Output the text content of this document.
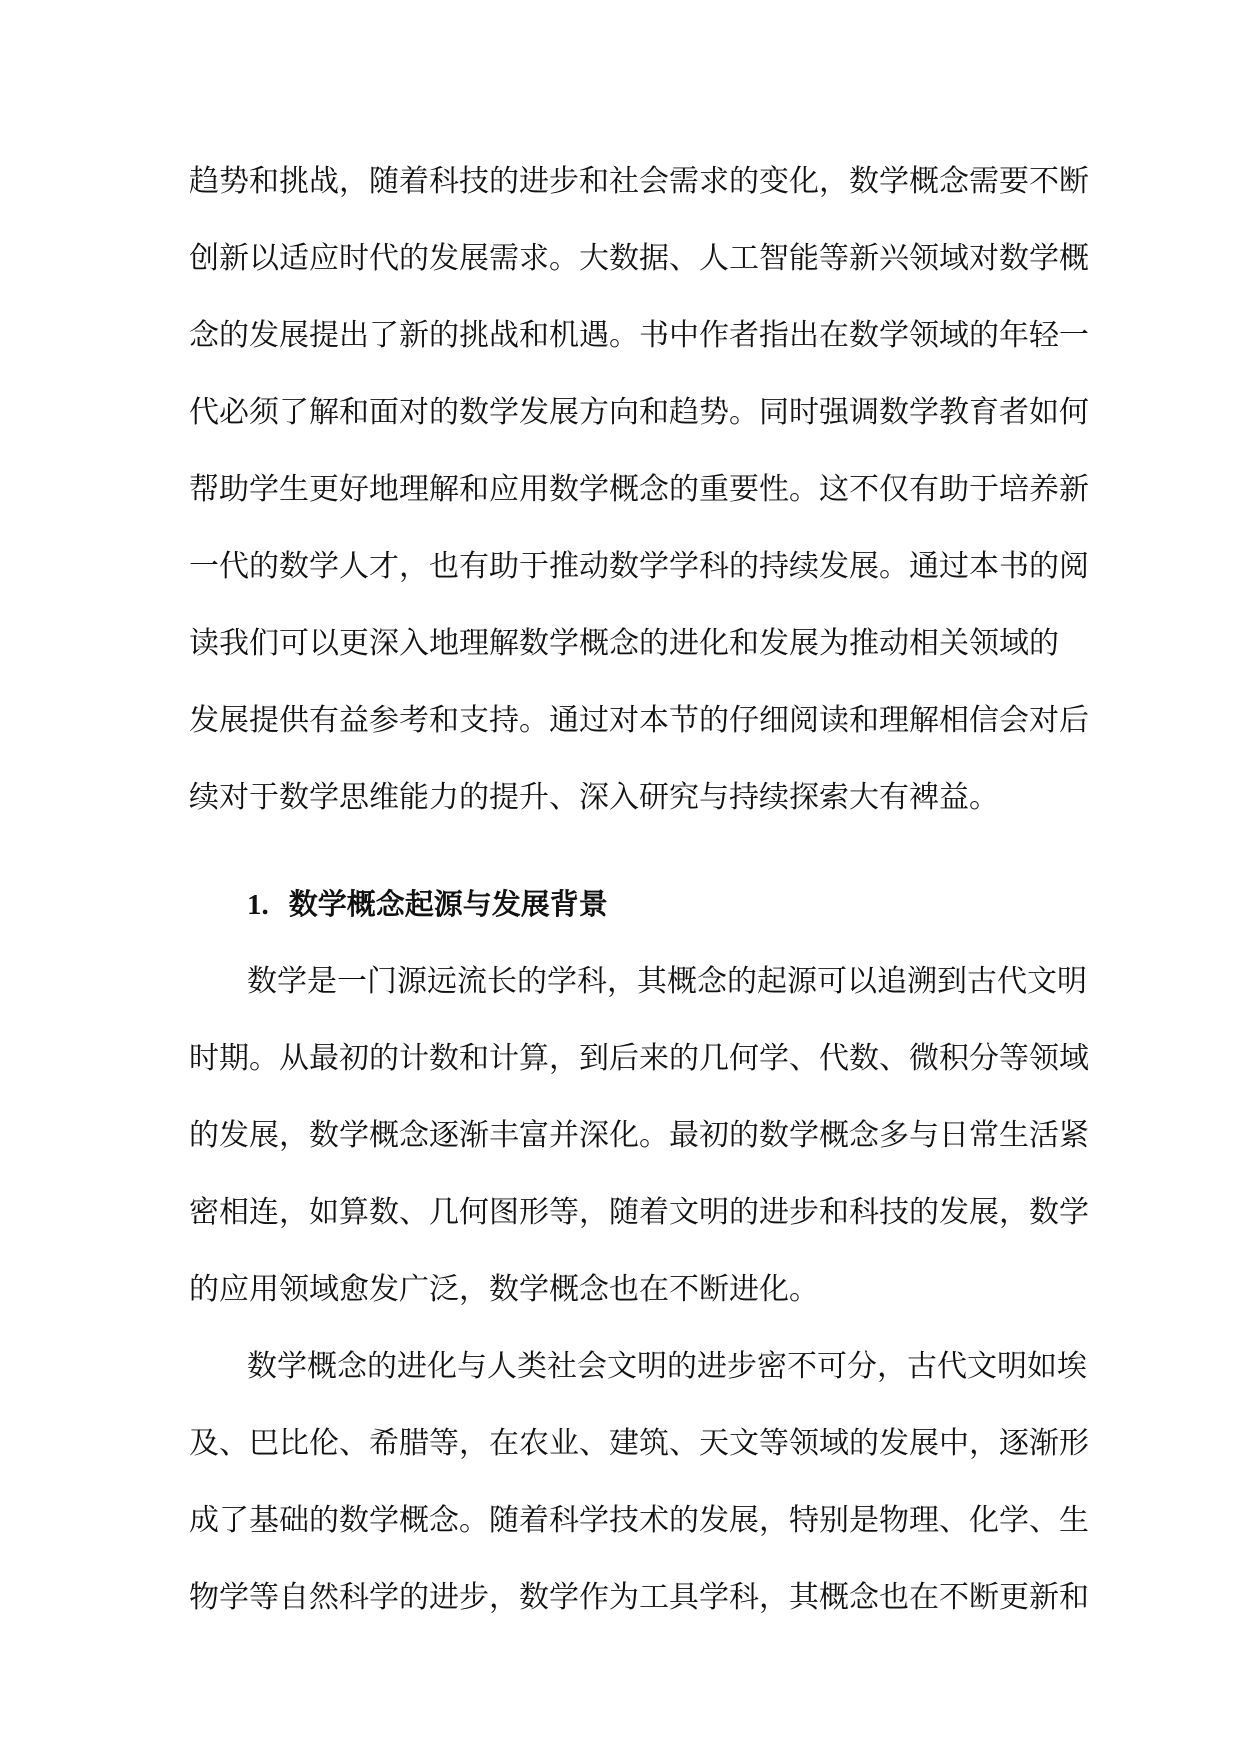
趋势和挑战，随着科技的进步和社会需求的变化，数学概念需要不断
创新以适应时代的发展需求。大数据、人工智能等新兴领域对数学概
念的发展提出了新的挑战和机遇。书中作者指出在数学领域的年轻一
代必须了解和面对的数学发展方向和趋势。同时强调数学教育者如何
帮助学生更好地理解和应用数学概念的重要性。这不仅有助于培养新
一代的数学人才，也有助于推动数学学科的持续发展。通过本书的阅
读我们可以更深入地理解数学概念的进化和发展为推动相关领域的
发展提供有益参考和支持。通过对本节的仔细阅读和理解相信会对后
续对于数学思维能力的提升、深入研究与持续探索大有裨益。
1. 数学概念起源与发展背景
数学是一门源远流长的学科，其概念的起源可以追溯到古代文明
时期。从最初的计数和计算，到后来的几何学、代数、微积分等领域
的发展，数学概念逐渐丰富并深化。最初的数学概念多与日常生活紧
密相连，如算数、几何图形等，随着文明的进步和科技的发展，数学
的应用领域愈发广泛，数学概念也在不断进化。
数学概念的进化与人类社会文明的进步密不可分，古代文明如埃
及、巴比伦、希腊等，在农业、建筑、天文等领域的发展中，逐渐形
成了基础的数学概念。随着科学技术的发展，特别是物理、化学、生
物学等自然科学的进步，数学作为工具学科，其概念也在不断更新和
